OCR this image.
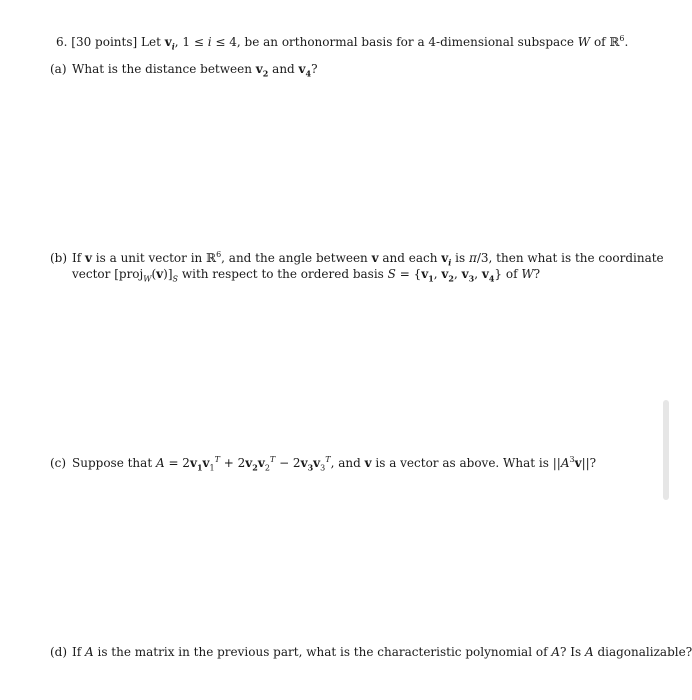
6. [30 points] Let $v_i$, 1 ≤ i ≤ 4, be an orthonormal basis for a 4-dimensional subspace W of ℝ$^6$.
(a) What is the distance between $v_2$ and $v_4$?
(b) If v is a unit vector in ℝ$^6$, and the angle between v and each $v_i$ is π/3, then what is the coordinate
vector $[proj_W(v)]_S$ with respect to the ordered basis $S = \{v_1$, $v_2$, $v_3$, $v_4$} of W?
(c) Suppose that $A = 2v_1v_1^T + 2v_2v_2^T - 2v_3v_3^T$, and v is a vector as above. What is $||A^3v||$?
(d) If A is the matrix in the previous part, what is the characteristic polynomial of A? Is A diagonalizable?
